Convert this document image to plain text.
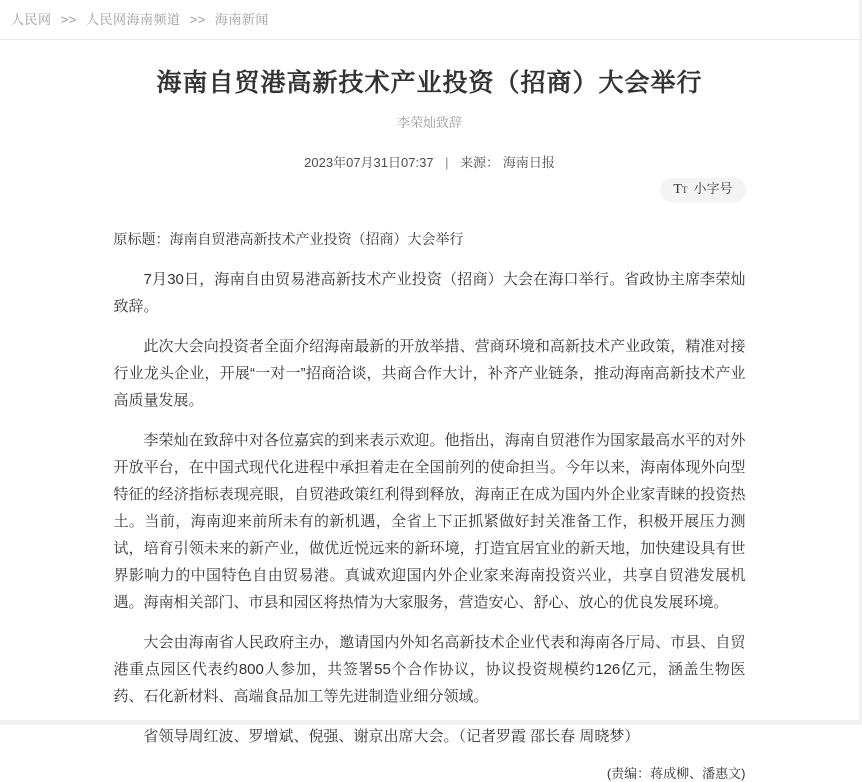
人民网 >> 人民网海南频道 >> 海南新闻
海南自贸港高新技术产业投资（招商）大会举行
李荣灿致辞
2023年07月31日07:37 | 来源： 海南日报
TT 小字号
原标题：海南自贸港高新技术产业投资（招商）大会举行

7月30日，海南自由贸易港高新技术产业投资（招商）大会在海口举行。省政协主席李荣灿致辞。

此次大会向投资者全面介绍海南最新的开放举措、营商环境和高新技术产业政策，精准对接行业龙头企业，开展“一对一”招商洽谈，共商合作大计，补齐产业链条，推动海南高新技术产业高质量发展。

李荣灿在致辞中对各位嘉宾的到来表示欢迎。他指出，海南自贸港作为国家最高水平的对外开放平台，在中国式现代化进程中承担着走在全国前列的使命担当。今年以来，海南体现外向型特征的经济指标表现亮眼，自贸港政策红利得到释放，海南正在成为国内外企业家青睐的投资热土。当前，海南迎来前所未有的新机遇，全省上下正抓紧做好封关准备工作，积极开展压力测试，培育引领未来的新产业，做优近悦远来的新环境，打造宜居宜业的新天地，加快建设具有世界影响力的中国特色自由贸易港。真诚欢迎国内外企业家来海南投资兴业，共享自贸港发展机遇。海南相关部门、市县和园区将热情为大家服务，营造安心、舒心、放心的优良发展环境。

大会由海南省人民政府主办，邀请国内外知名高新技术企业代表和海南各厅局、市县、自贸港重点园区代表约800人参加，共签署55个合作协议，协议投资规模约126亿元，涵盖生物医药、石化新材料、高端食品加工等先进制造业细分领域。

省领导周红波、罗增斌、倪强、谢京出席大会。（记者罗霞 邵长春 周晓梦）

(责编：蒋成柳、潘惠文)
